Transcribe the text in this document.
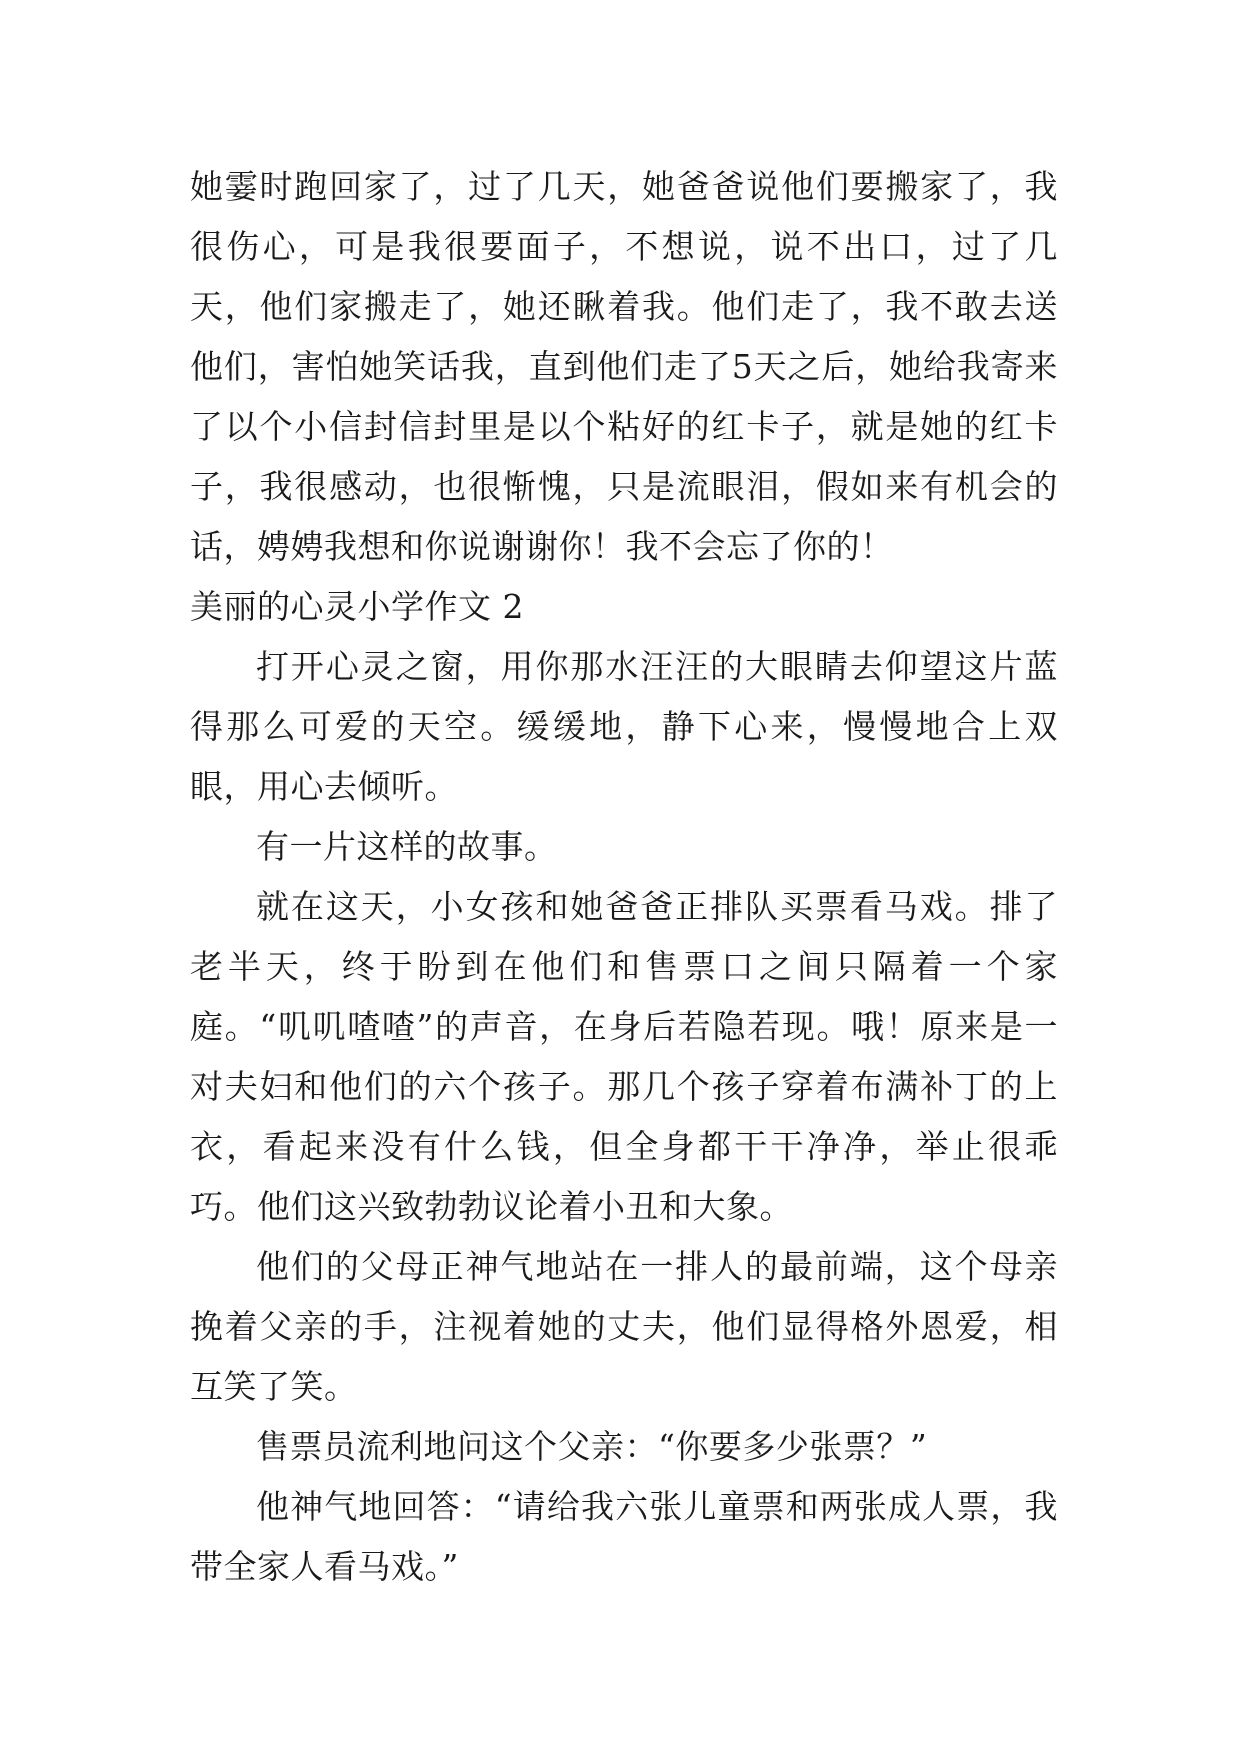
她霎时跑回家了，过了几天，她爸爸说他们要搬家了，我很伤心，可是我很要面子，不想说，说不出口，过了几天，他们家搬走了，她还瞅着我。他们走了，我不敢去送他们，害怕她笑话我，直到他们走了5天之后，她给我寄来了以个小信封信封里是以个粘好的红卡子，就是她的红卡子，我很感动，也很惭愧，只是流眼泪，假如来有机会的话，娉娉我想和你说谢谢你！我不会忘了你的！

美丽的心灵小学作文 2

打开心灵之窗，用你那水汪汪的大眼睛去仰望这片蓝得那么可爱的天空。缓缓地，静下心来，慢慢地合上双眼，用心去倾听。

有一片这样的故事。

就在这天，小女孩和她爸爸正排队买票看马戏。排了老半天，终于盼到在他们和售票口之间只隔着一个家庭。“叽叽喳喳”的声音，在身后若隐若现。哦！原来是一对夫妇和他们的六个孩子。那几个孩子穿着布满补丁的上衣，看起来没有什么钱，但全身都干干净净，举止很乖巧。他们这兴致勃勃议论着小丑和大象。

他们的父母正神气地站在一排人的最前端，这个母亲挽着父亲的手，注视着她的丈夫，他们显得格外恩爱，相互笑了笑。

售票员流利地问这个父亲：“你要多少张票？”

他神气地回答：“请给我六张儿童票和两张成人票，我带全家人看马戏。”
